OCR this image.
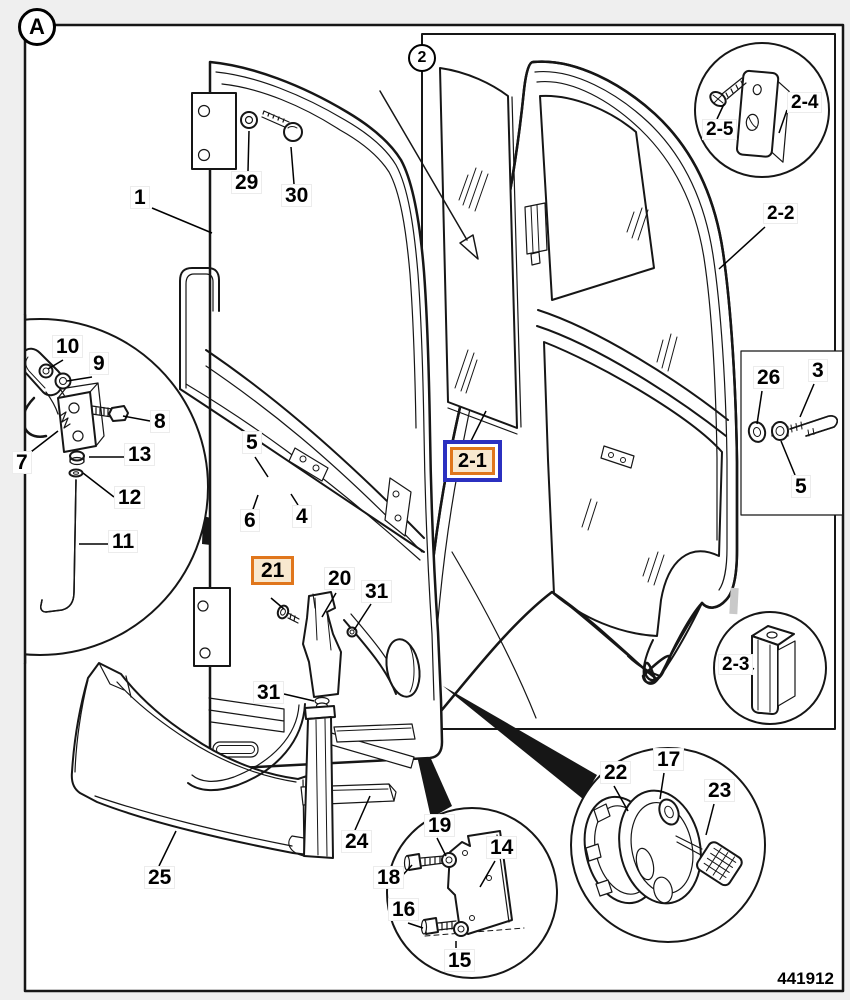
A
2
1
29
30
2-5
2-4
2-2
26 3
5
2-3
10
9
8
7	13
12
11
5
6 4
21	20
31
31
2-1
24
25
19
18
14
16
15
22
17
23
441912
